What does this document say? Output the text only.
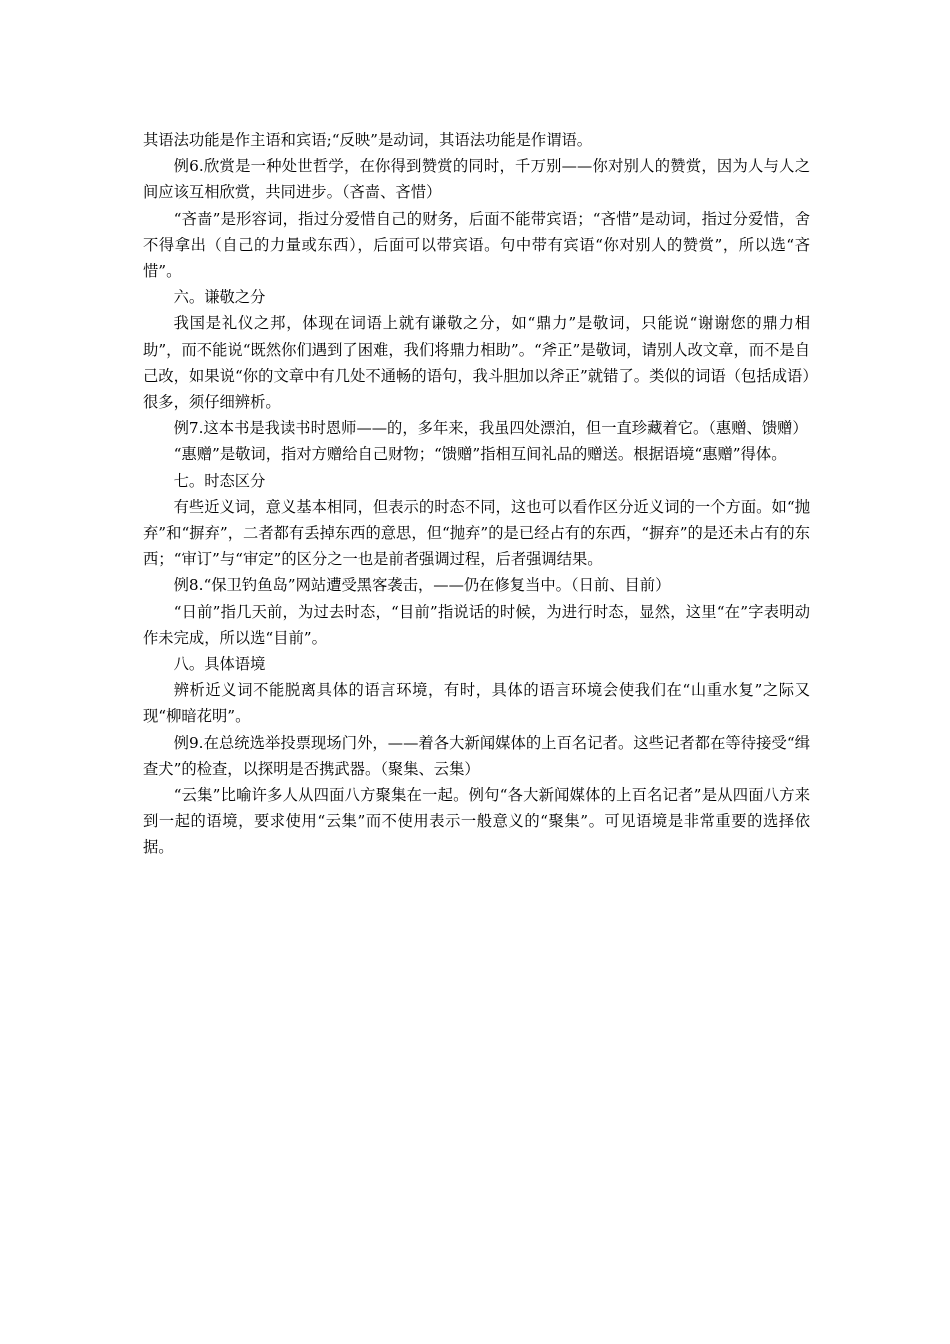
其语法功能是作主语和宾语;“反映”是动词，其语法功能是作谓语。

例6.欣赏是一种处世哲学，在你得到赞赏的同时，千万别——你对别人的赞赏，因为人与人之间应该互相欣赏，共同进步。（吝啬、吝惜）

“吝啬”是形容词，指过分爱惜自己的财务，后面不能带宾语；“吝惜”是动词，指过分爱惜，舍不得拿出（自己的力量或东西），后面可以带宾语。句中带有宾语“你对别人的赞赏”，所以选“吝惜”。

六。谦敬之分

我国是礼仪之邦，体现在词语上就有谦敬之分，如“鼎力”是敬词，只能说“谢谢您的鼎力相助”，而不能说“既然你们遇到了困难，我们将鼎力相助”。“斧正”是敬词，请别人改文章，而不是自己改，如果说“你的文章中有几处不通畅的语句，我斗胆加以斧正”就错了。类似的词语（包括成语）很多，须仔细辨析。

例7.这本书是我读书时恩师——的，多年来，我虽四处漂泊，但一直珍藏着它。（惠赠、馈赠）

“惠赠”是敬词，指对方赠给自己财物；“馈赠”指相互间礼品的赠送。根据语境“惠赠”得体。

七。时态区分

有些近义词，意义基本相同，但表示的时态不同，这也可以看作区分近义词的一个方面。如“抛弃”和“摒弃”，二者都有丢掉东西的意思，但“抛弃”的是已经占有的东西，“摒弃”的是还未占有的东西；“审订”与“审定”的区分之一也是前者强调过程，后者强调结果。

例8.“保卫钓鱼岛”网站遭受黑客袭击，——仍在修复当中。（日前、目前）

“日前”指几天前，为过去时态，“目前”指说话的时候，为进行时态，显然，这里“在”字表明动作未完成，所以选“目前”。

八。具体语境

辨析近义词不能脱离具体的语言环境，有时，具体的语言环境会使我们在“山重水复”之际又现“柳暗花明”。

例9.在总统选举投票现场门外，——着各大新闻媒体的上百名记者。这些记者都在等待接受“缉查犬”的检查，以探明是否携武器。（聚集、云集）

“云集”比喻许多人从四面八方聚集在一起。例句“各大新闻媒体的上百名记者”是从四面八方来到一起的语境，要求使用“云集”而不使用表示一般意义的“聚集”。可见语境是非常重要的选择依据。
